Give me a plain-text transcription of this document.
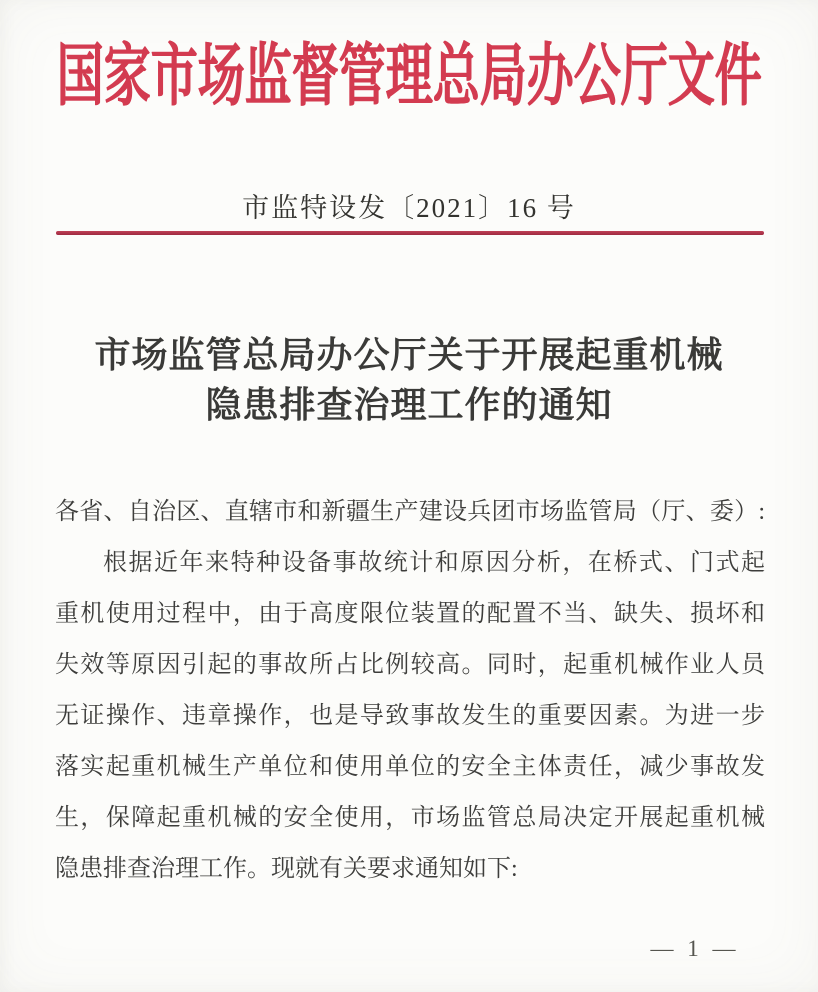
国家市场监督管理总局办公厅文件
市监特设发〔2021〕16 号
市场监管总局办公厅关于开展起重机械
隐患排查治理工作的通知
各省、自治区、直辖市和新疆生产建设兵团市场监管局（厅、委）:
根据近年来特种设备事故统计和原因分析，在桥式、门式起
重机使用过程中，由于高度限位装置的配置不当、缺失、损坏和
失效等原因引起的事故所占比例较高。同时，起重机械作业人员
无证操作、违章操作，也是导致事故发生的重要因素。为进一步
落实起重机械生产单位和使用单位的安全主体责任，减少事故发
生，保障起重机械的安全使用，市场监管总局决定开展起重机械
隐患排查治理工作。现就有关要求通知如下:
— 1 —
